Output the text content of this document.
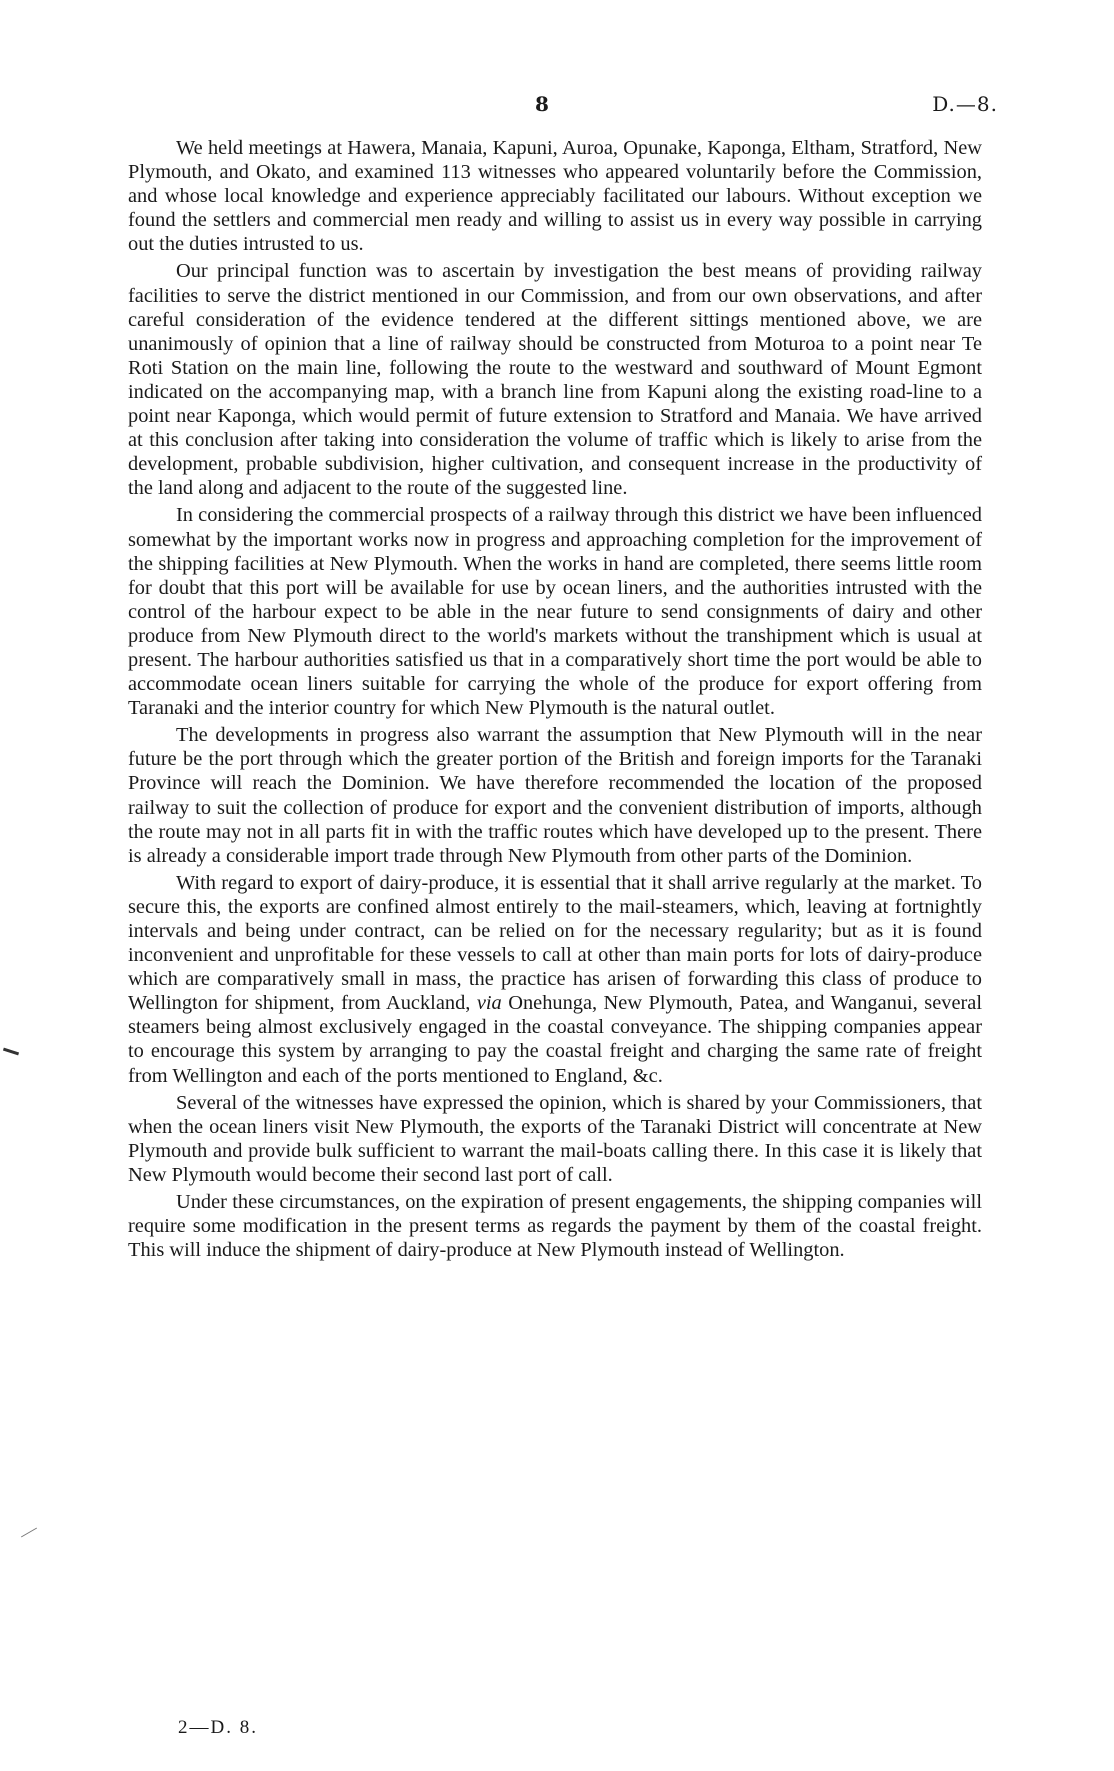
8	D.—8.

We held meetings at Hawera, Manaia, Kapuni, Auroa, Opunake, Kaponga, Eltham, Stratford, New Plymouth, and Okato, and examined 113 witnesses who appeared voluntarily before the Commission, and whose local knowledge and experience appreciably facilitated our labours. Without exception we found the settlers and commercial men ready and willing to assist us in every way possible in carrying out the duties intrusted to us.

Our principal function was to ascertain by investigation the best means of providing railway facilities to serve the district mentioned in our Commission, and from our own observations, and after careful consideration of the evidence tendered at the different sittings mentioned above, we are unanimously of opinion that a line of railway should be constructed from Moturoa to a point near Te Roti Station on the main line, following the route to the westward and southward of Mount Egmont indicated on the accompanying map, with a branch line from Kapuni along the existing road-line to a point near Kaponga, which would permit of future extension to Stratford and Manaia. We have arrived at this conclusion after taking into consideration the volume of traffic which is likely to arise from the development, probable subdivision, higher cultivation, and consequent increase in the productivity of the land along and adjacent to the route of the suggested line.

In considering the commercial prospects of a railway through this district we have been influenced somewhat by the important works now in progress and approaching completion for the improvement of the shipping facilities at New Plymouth. When the works in hand are completed, there seems little room for doubt that this port will be available for use by ocean liners, and the authorities intrusted with the control of the harbour expect to be able in the near future to send consignments of dairy and other produce from New Plymouth direct to the world's markets without the transhipment which is usual at present. The harbour authorities satisfied us that in a comparatively short time the port would be able to accommodate ocean liners suitable for carrying the whole of the produce for export offering from Taranaki and the interior country for which New Plymouth is the natural outlet.

The developments in progress also warrant the assumption that New Plymouth will in the near future be the port through which the greater portion of the British and foreign imports for the Taranaki Province will reach the Dominion. We have therefore recommended the location of the proposed railway to suit the collection of produce for export and the convenient distribution of imports, although the route may not in all parts fit in with the traffic routes which have developed up to the present. There is already a considerable import trade through New Plymouth from other parts of the Dominion.

With regard to export of dairy-produce, it is essential that it shall arrive regularly at the market. To secure this, the exports are confined almost entirely to the mail-steamers, which, leaving at fortnightly intervals and being under contract, can be relied on for the necessary regularity; but as it is found inconvenient and unprofitable for these vessels to call at other than main ports for lots of dairy-produce which are comparatively small in mass, the practice has arisen of forwarding this class of produce to Wellington for shipment, from Auckland, via Onehunga, New Plymouth, Patea, and Wanganui, several steamers being almost exclusively engaged in the coastal conveyance. The shipping companies appear to encourage this system by arranging to pay the coastal freight and charging the same rate of freight from Wellington and each of the ports mentioned to England, &c.

Several of the witnesses have expressed the opinion, which is shared by your Commissioners, that when the ocean liners visit New Plymouth, the exports of the Taranaki District will concentrate at New Plymouth and provide bulk sufficient to warrant the mail-boats calling there. In this case it is likely that New Plymouth would become their second last port of call.

Under these circumstances, on the expiration of present engagements, the shipping companies will require some modification in the present terms as regards the payment by them of the coastal freight. This will induce the shipment of dairy-produce at New Plymouth instead of Wellington.

2—D. 8.
